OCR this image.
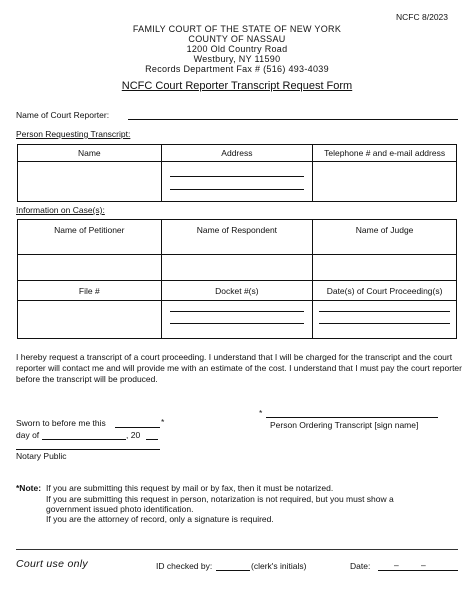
NCFC 8/2023
FAMILY COURT OF THE STATE OF NEW YORK
COUNTY OF NASSAU
1200 Old Country Road
Westbury, NY 11590
Records Department Fax # (516) 493-4039
NCFC Court Reporter Transcript Request Form
Name of Court Reporter:
Person Requesting Transcript:
Name	Address	Telephone # and e-mail address

Information on Case(s):
Name of Petitioner	Name of Respondent	Name of Judge

File #	Docket #(s)	Date(s) of Court Proceeding(s)

I hereby request a transcript of a court proceeding. I understand that I will be charged for the transcript and the court reporter will contact me and will provide me with an estimate of the cost. I understand that I must pay the court reporter before the transcript will be produced.
Sworn to before me this	*
day of	, 20
*
Person Ordering Transcript [sign name]
Notary Public
*Note: If you are submitting this request by mail or by fax, then it must be notarized.
If you are submitting this request in person, notarization is not required, but you must show a
government issued photo identification.
If you are the attorney of record, only a signature is required.
Court use only	ID checked by:	(clerk's initials)	Date:	–	–
